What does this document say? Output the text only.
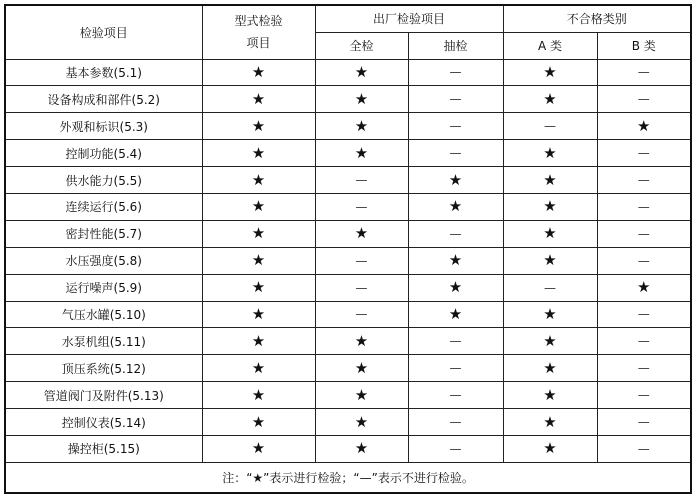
检验项目	型式检验项目	出厂检验项目		不合格类别	
		全检	抽检	A 类	B 类
基本参数(5.1)	★	★	—	★	—
设备构成和部件(5.2)	★	★	—	★	—
外观和标识(5.3)	★	★	—	—	★
控制功能(5.4)	★	★	—	★	—
供水能力(5.5)	★	—	★	★	—
连续运行(5.6)	★	—	★	★	—
密封性能(5.7)	★	★	—	★	—
水压强度(5.8)	★	—	★	★	—
运行噪声(5.9)	★	—	★	—	★
气压水罐(5.10)	★	—	★	★	—
水泵机组(5.11)	★	★	—	★	—
顶压系统(5.12)	★	★	—	★	—
管道阀门及附件(5.13)	★	★	—	★	—
控制仪表(5.14)	★	★	—	★	—
操控柜(5.15)	★	★	—	★	—
注：“★”表示进行检验；“—”表示不进行检验。					
